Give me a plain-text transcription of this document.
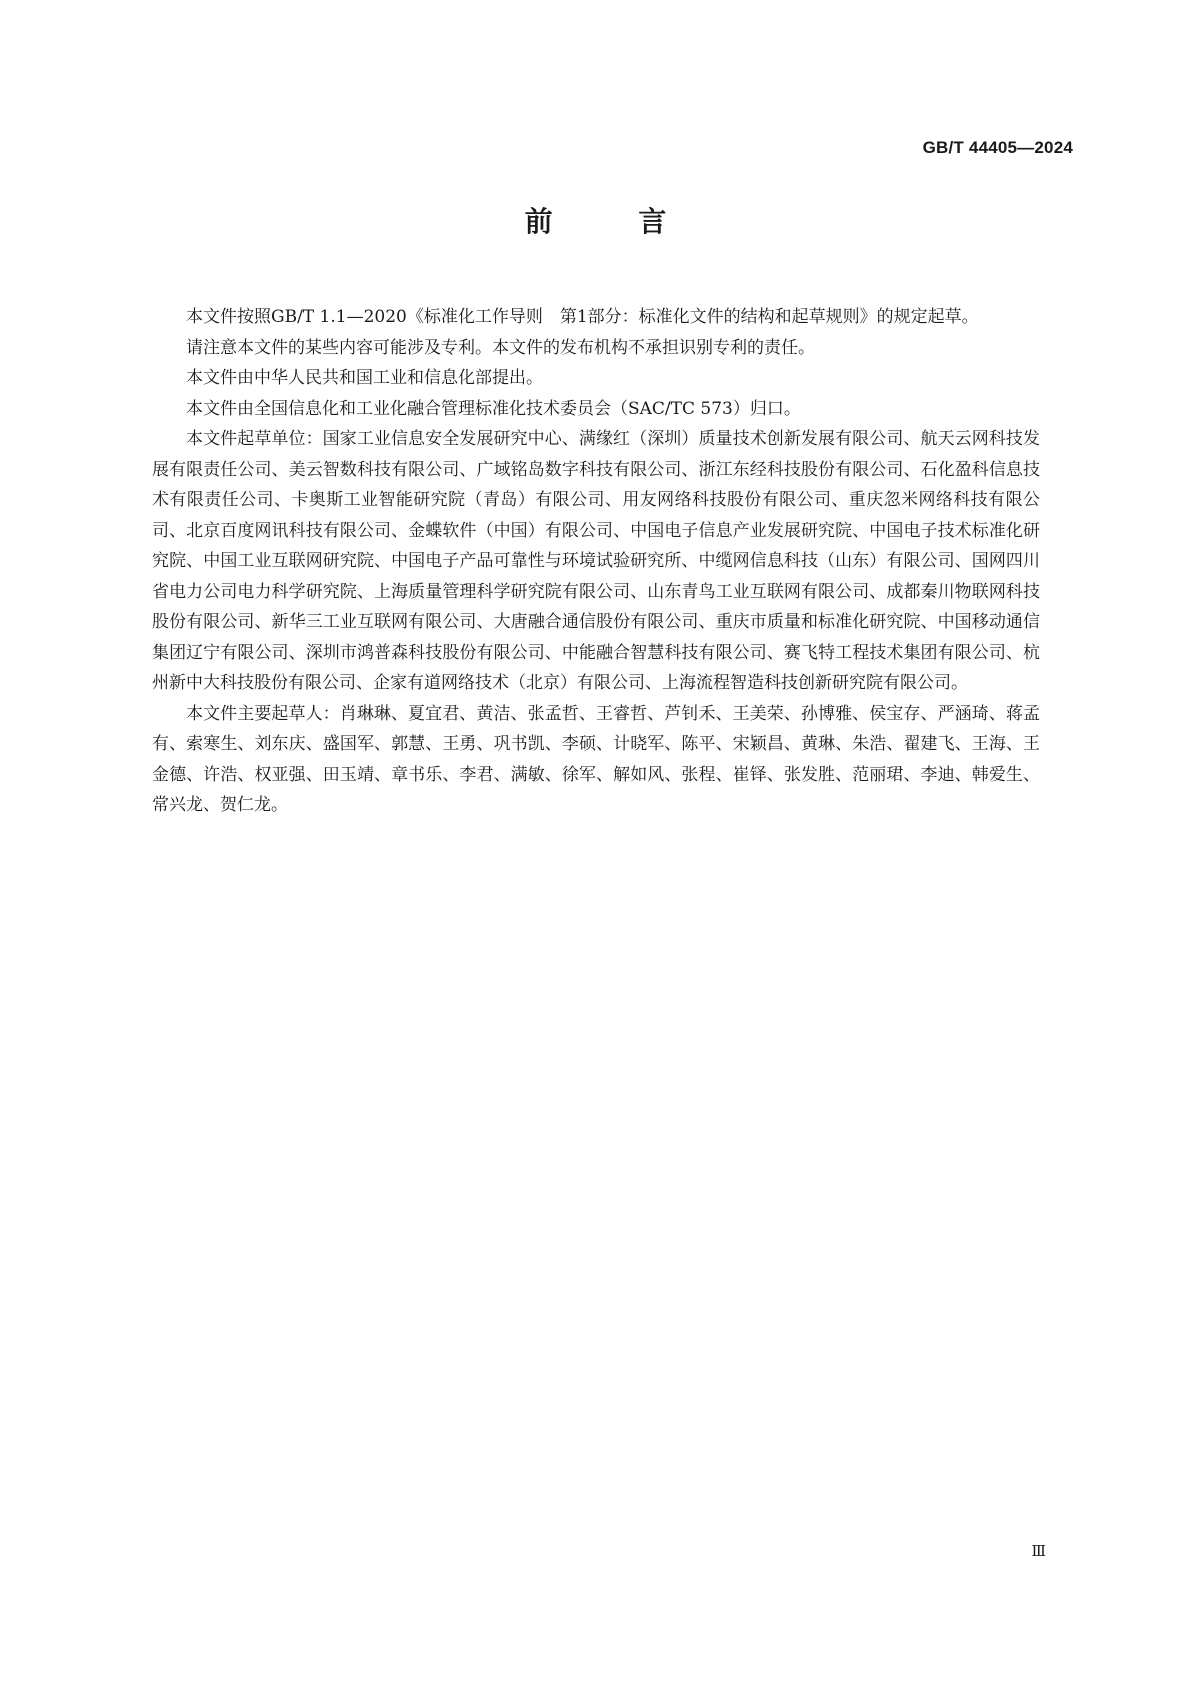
GB/T 44405—2024
前 言

本文件按照GB/T 1.1—2020《标准化工作导则　第1部分：标准化文件的结构和起草规则》的规定起草。

请注意本文件的某些内容可能涉及专利。本文件的发布机构不承担识别专利的责任。

本文件由中华人民共和国工业和信息化部提出。

本文件由全国信息化和工业化融合管理标准化技术委员会（SAC/TC 573）归口。

本文件起草单位：国家工业信息安全发展研究中心、满缘红（深圳）质量技术创新发展有限公司、航天云网科技发展有限责任公司、美云智数科技有限公司、广域铭岛数字科技有限公司、浙江东经科技股份有限公司、石化盈科信息技术有限责任公司、卡奥斯工业智能研究院（青岛）有限公司、用友网络科技股份有限公司、重庆忽米网络科技有限公司、北京百度网讯科技有限公司、金蝶软件（中国）有限公司、中国电子信息产业发展研究院、中国电子技术标准化研究院、中国工业互联网研究院、中国电子产品可靠性与环境试验研究所、中缆网信息科技（山东）有限公司、国网四川省电力公司电力科学研究院、上海质量管理科学研究院有限公司、山东青鸟工业互联网有限公司、成都秦川物联网科技股份有限公司、新华三工业互联网有限公司、大唐融合通信股份有限公司、重庆市质量和标准化研究院、中国移动通信集团辽宁有限公司、深圳市鸿普森科技股份有限公司、中能融合智慧科技有限公司、赛飞特工程技术集团有限公司、杭州新中大科技股份有限公司、企家有道网络技术（北京）有限公司、上海流程智造科技创新研究院有限公司。

本文件主要起草人：肖琳琳、夏宜君、黄洁、张孟哲、王睿哲、芦钊禾、王美荣、孙博雅、侯宝存、严涵琦、蒋孟有、索寒生、刘东庆、盛国军、郭慧、王勇、巩书凯、李硕、计晓军、陈平、宋颖昌、黄琳、朱浩、翟建飞、王海、王金德、许浩、权亚强、田玉靖、章书乐、李君、满敏、徐军、解如风、张程、崔铎、张发胜、范丽珺、李迪、韩爱生、常兴龙、贺仁龙。

Ⅲ
